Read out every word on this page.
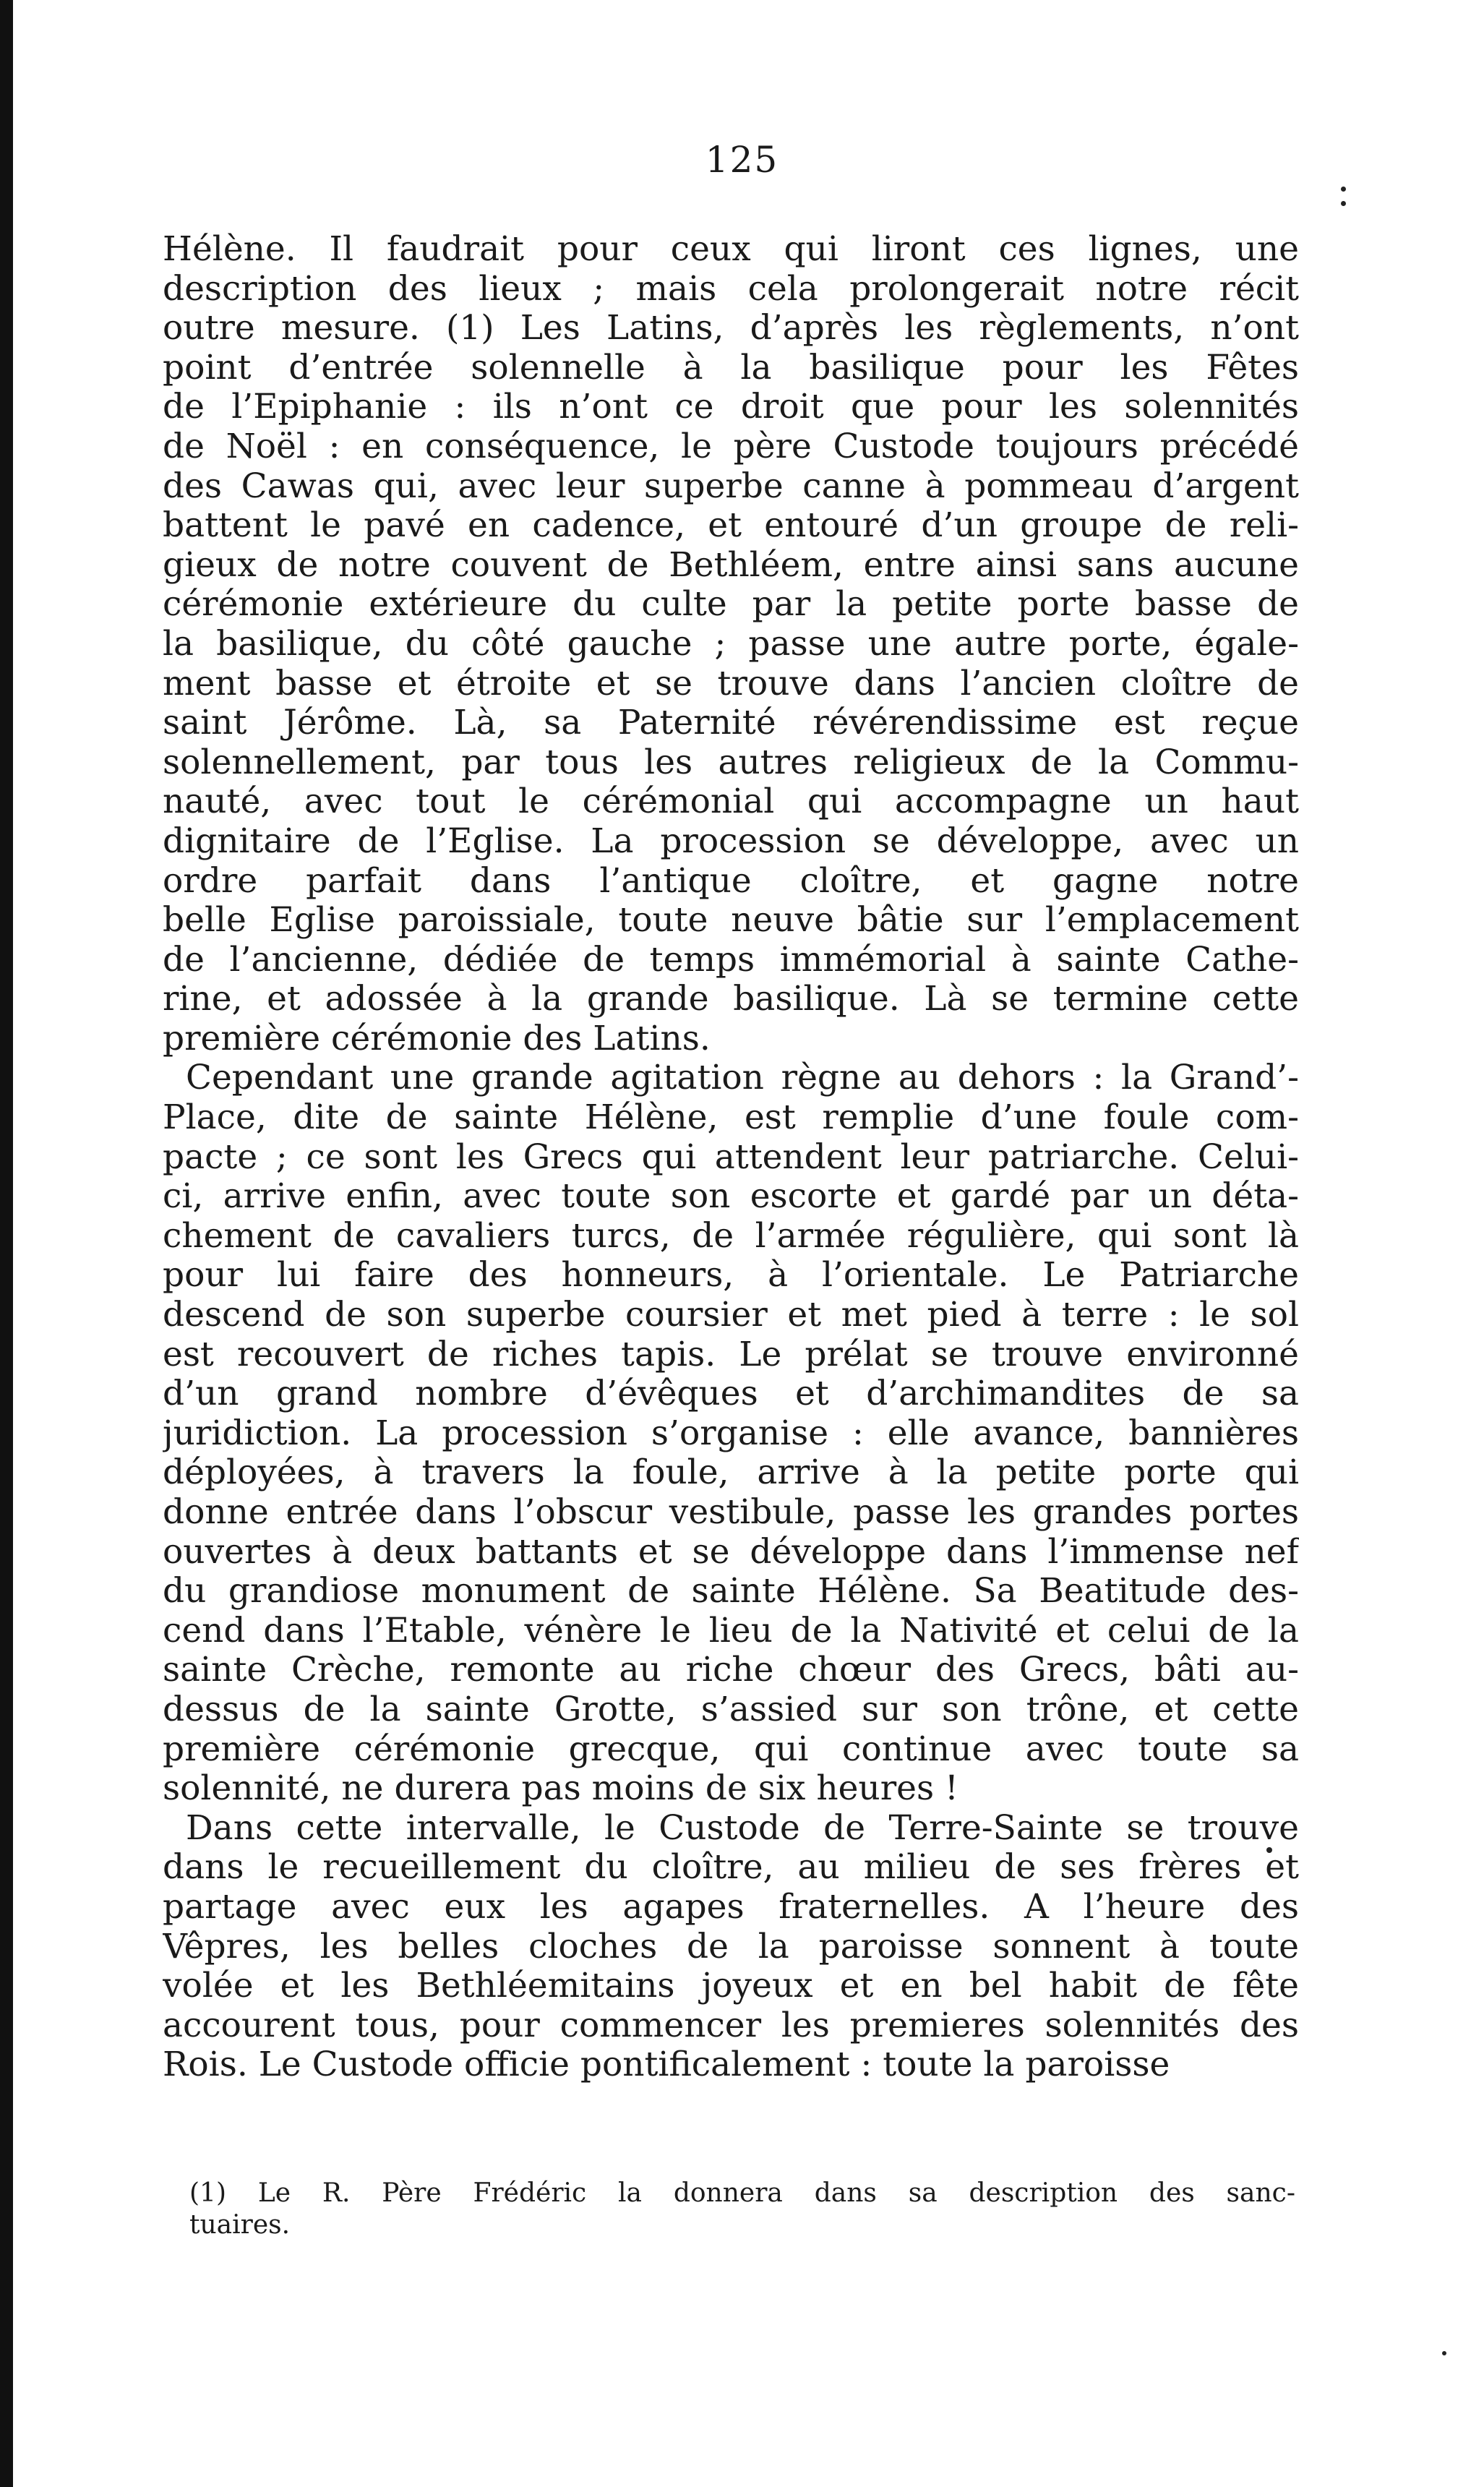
125
Hélène. Il faudrait pour ceux qui liront ces lignes, une
description des lieux ; mais cela prolongerait notre récit
outre mesure. (1) Les Latins, d’après les règlements, n’ont
point d’entrée solennelle à la basilique pour les Fêtes
de l’Epiphanie : ils n’ont ce droit que pour les solennités
de Noël : en conséquence, le père Custode toujours précédé
des Cawas qui, avec leur superbe canne à pommeau d’argent
battent le pavé en cadence, et entouré d’un groupe de reli-
gieux de notre couvent de Bethléem, entre ainsi sans aucune
cérémonie extérieure du culte par la petite porte basse de
la basilique, du côté gauche ; passe une autre porte, égale-
ment basse et étroite et se trouve dans l’ancien cloître de
saint Jérôme. Là, sa Paternité révérendissime est reçue
solennellement, par tous les autres religieux de la Commu-
nauté, avec tout le cérémonial qui accompagne un haut
dignitaire de l’Eglise. La procession se développe, avec un
ordre parfait dans l’antique cloître, et gagne notre
belle Eglise paroissiale, toute neuve bâtie sur l’emplacement
de l’ancienne, dédiée de temps immémorial à sainte Cathe-
rine, et adossée à la grande basilique. Là se termine cette
première cérémonie des Latins.
Cependant une grande agitation règne au dehors : la Grand’-
Place, dite de sainte Hélène, est remplie d’une foule com-
pacte ; ce sont les Grecs qui attendent leur patriarche. Celui-
ci, arrive enfin, avec toute son escorte et gardé par un déta-
chement de cavaliers turcs, de l’armée régulière, qui sont là
pour lui faire des honneurs, à l’orientale. Le Patriarche
descend de son superbe coursier et met pied à terre : le sol
est recouvert de riches tapis. Le prélat se trouve environné
d’un grand nombre d’évêques et d’archimandites de sa
juridiction. La procession s’organise : elle avance, bannières
déployées, à travers la foule, arrive à la petite porte qui
donne entrée dans l’obscur vestibule, passe les grandes portes
ouvertes à deux battants et se développe dans l’immense nef
du grandiose monument de sainte Hélène. Sa Beatitude des-
cend dans l’Etable, vénère le lieu de la Nativité et celui de la
sainte Crèche, remonte au riche chœur des Grecs, bâti au-
dessus de la sainte Grotte, s’assied sur son trône, et cette
première cérémonie grecque, qui continue avec toute sa
solennité, ne durera pas moins de six heures !
Dans cette intervalle, le Custode de Terre-Sainte se trouve
dans le recueillement du cloître, au milieu de ses frères et
partage avec eux les agapes fraternelles. A l’heure des
Vêpres, les belles cloches de la paroisse sonnent à toute
volée et les Bethléemitains joyeux et en bel habit de fête
accourent tous, pour commencer les premieres solennités des
Rois. Le Custode officie pontificalement : toute la paroisse
(1) Le R. Père Frédéric la donnera dans sa description des sanc-
tuaires.
